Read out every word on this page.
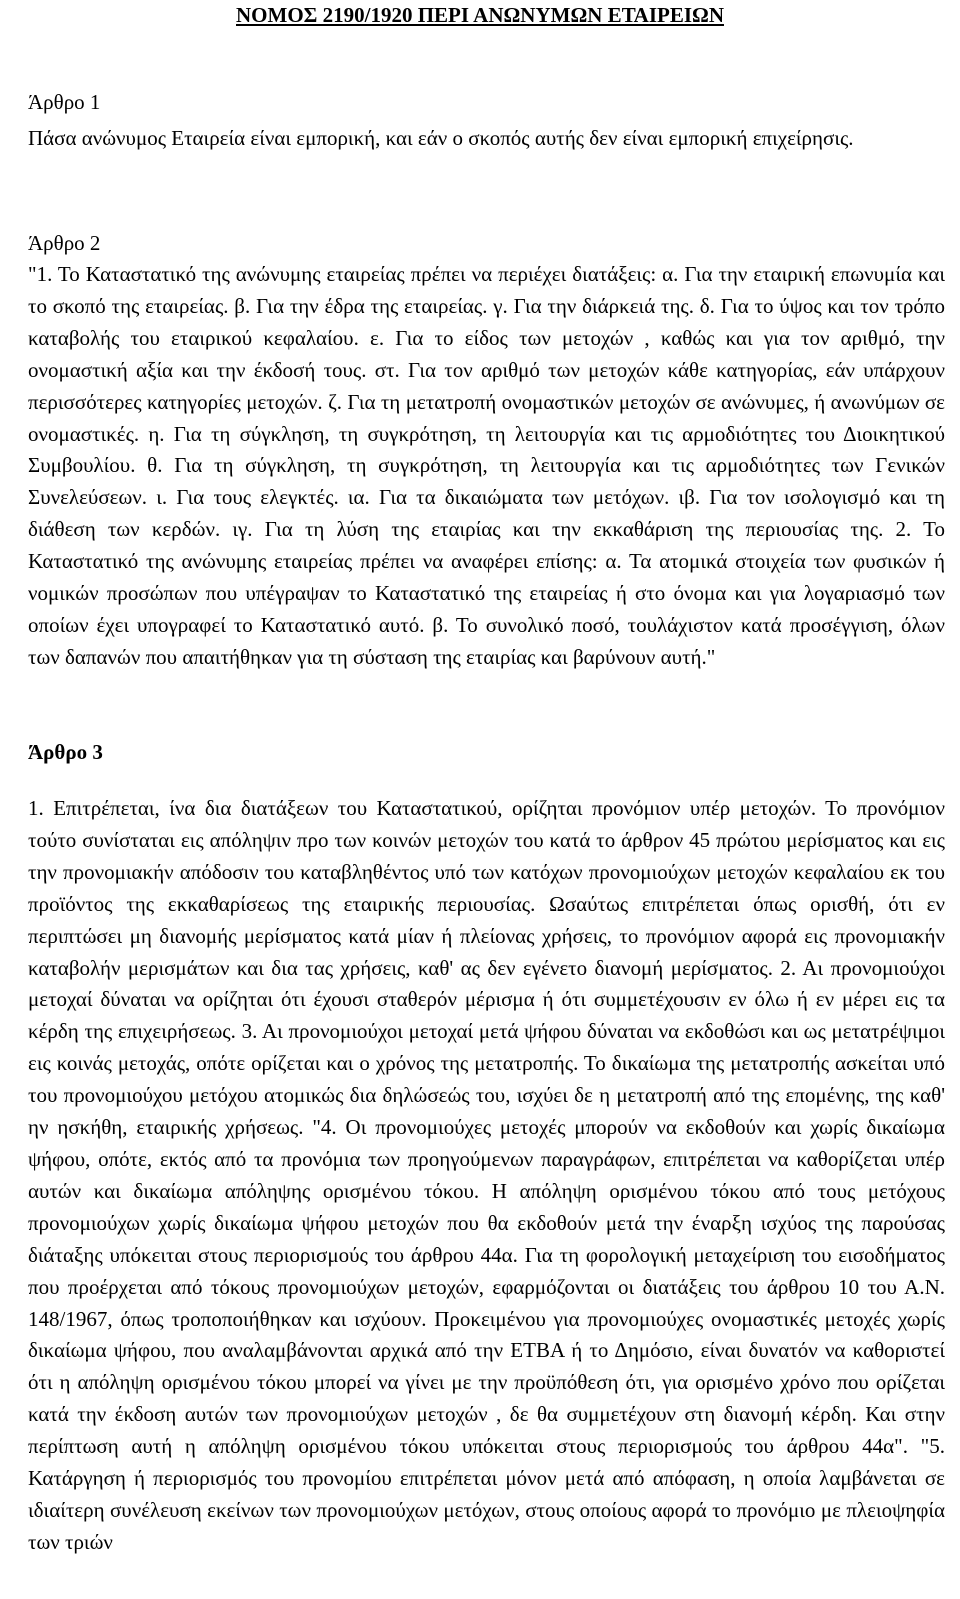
ΝΟΜΟΣ 2190/1920 ΠΕΡΙ ΑΝΩΝΥΜΩΝ ΕΤΑΙΡΕΙΩΝ
Άρθρο 1
Πάσα ανώνυμος Εταιρεία είναι εμπορική, και εάν ο σκοπός αυτής δεν είναι εμπορική επιχείρησις.
Άρθρο 2
"1. Το Καταστατικό της ανώνυμης εταιρείας πρέπει να περιέχει διατάξεις: α. Για την εταιρική επωνυμία και το σκοπό της εταιρείας. β. Για την έδρα της εταιρείας. γ. Για την διάρκειά της. δ. Για το ύψος και τον τρόπο καταβολής του εταιρικού κεφαλαίου. ε. Για το είδος των μετοχών , καθώς και για τον αριθμό, την ονομαστική αξία και την έκδοσή τους. στ. Για τον αριθμό των μετοχών κάθε κατηγορίας, εάν υπάρχουν περισσότερες κατηγορίες μετοχών. ζ. Για τη μετατροπή ονομαστικών μετοχών σε ανώνυμες, ή ανωνύμων σε ονομαστικές. η. Για τη σύγκληση, τη συγκρότηση, τη λειτουργία και τις αρμοδιότητες του Διοικητικού Συμβουλίου. θ. Για τη σύγκληση, τη συγκρότηση, τη λειτουργία και τις αρμοδιότητες των Γενικών Συνελεύσεων. ι. Για τους ελεγκτές. ια. Για τα δικαιώματα των μετόχων. ιβ. Για τον ισολογισμό και τη διάθεση των κερδών. ιγ. Για τη λύση της εταιρίας και την εκκαθάριση της περιουσίας της. 2. Το Καταστατικό της ανώνυμης εταιρείας πρέπει να αναφέρει επίσης: α. Τα ατομικά στοιχεία των φυσικών ή νομικών προσώπων που υπέγραψαν το Καταστατικό της εταιρείας ή στο όνομα και για λογαριασμό των οποίων έχει υπογραφεί το Καταστατικό αυτό. β. Το συνολικό ποσό, τουλάχιστον κατά προσέγγιση, όλων των δαπανών που απαιτήθηκαν για τη σύσταση της εταιρίας και βαρύνουν αυτή."
Άρθρο 3
1. Επιτρέπεται, ίνα δια διατάξεων του Καταστατικού, ορίζηται προνόμιον υπέρ μετοχών. Το προνόμιον τούτο συνίσταται εις απόληψιν προ των κοινών μετοχών του κατά το άρθρον 45 πρώτου μερίσματος και εις την προνομιακήν απόδοσιν του καταβληθέντος υπό των κατόχων προνομιούχων μετοχών κεφαλαίου εκ του προϊόντος της εκκαθαρίσεως της εταιρικής περιουσίας. Ωσαύτως επιτρέπεται όπως ορισθή, ότι εν περιπτώσει μη διανομής μερίσματος κατά μίαν ή πλείονας χρήσεις, το προνόμιον αφορά εις προνομιακήν καταβολήν μερισμάτων και δια τας χρήσεις, καθ' ας δεν εγένετο διανομή μερίσματος. 2. Αι προνομιούχοι μετοχαί δύναται να ορίζηται ότι έχουσι σταθερόν μέρισμα ή ότι συμμετέχουσιν εν όλω ή εν μέρει εις τα κέρδη της επιχειρήσεως. 3. Αι προνομιούχοι μετοχαί μετά ψήφου δύναται να εκδοθώσι και ως μετατρέψιμοι εις κοινάς μετοχάς, οπότε ορίζεται και ο χρόνος της μετατροπής. Το δικαίωμα της μετατροπής ασκείται υπό του προνομιούχου μετόχου ατομικώς δια δηλώσεώς του, ισχύει δε η μετατροπή από της επομένης, της καθ' ην ησκήθη, εταιρικής χρήσεως. "4. Οι προνομιούχες μετοχές μπορούν να εκδοθούν και χωρίς δικαίωμα ψήφου, οπότε, εκτός από τα προνόμια των προηγούμενων παραγράφων, επιτρέπεται να καθορίζεται υπέρ αυτών και δικαίωμα απόληψης ορισμένου τόκου. Η απόληψη ορισμένου τόκου από τους μετόχους προνομιούχων χωρίς δικαίωμα ψήφου μετοχών που θα εκδοθούν μετά την έναρξη ισχύος της παρούσας διάταξης υπόκειται στους περιορισμούς του άρθρου 44α. Για τη φορολογική μεταχείριση του εισοδήματος που προέρχεται από τόκους προνομιούχων μετοχών, εφαρμόζονται οι διατάξεις του άρθρου 10 του Α.Ν. 148/1967, όπως τροποποιήθηκαν και ισχύουν. Προκειμένου για προνομιούχες ονομαστικές μετοχές χωρίς δικαίωμα ψήφου, που αναλαμβάνονται αρχικά από την ΕΤΒΑ ή το Δημόσιο, είναι δυνατόν να καθοριστεί ότι η απόληψη ορισμένου τόκου μπορεί να γίνει με την προϋπόθεση ότι, για ορισμένο χρόνο που ορίζεται κατά την έκδοση αυτών των προνομιούχων μετοχών , δε θα συμμετέχουν στη διανομή κέρδη. Και στην περίπτωση αυτή η απόληψη ορισμένου τόκου υπόκειται στους περιορισμούς του άρθρου 44α". "5. Κατάργηση ή περιορισμός του προνομίου επιτρέπεται μόνον μετά από απόφαση, η οποία λαμβάνεται σε ιδιαίτερη συνέλευση εκείνων των προνομιούχων μετόχων, στους οποίους αφορά το προνόμιο με πλειοψηφία των τριών
